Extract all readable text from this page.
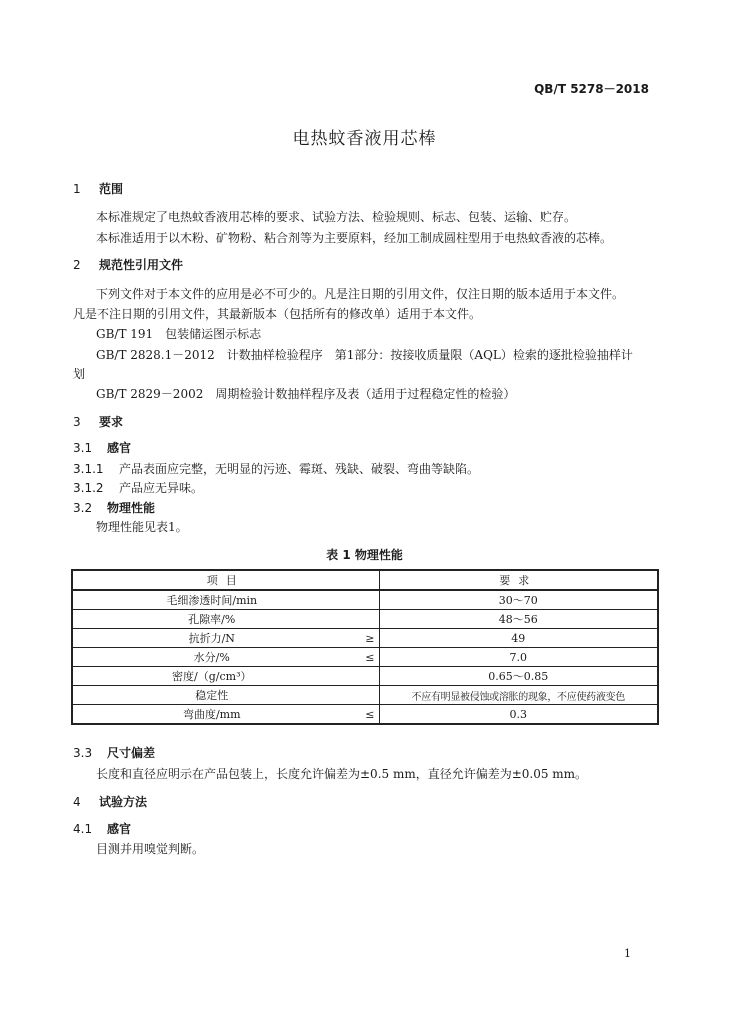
QB/T 5278－2018
电热蚊香液用芯棒
1 范围
本标准规定了电热蚊香液用芯棒的要求、试验方法、检验规则、标志、包装、运输、贮存。
本标准适用于以木粉、矿物粉、粘合剂等为主要原料，经加工制成圆柱型用于电热蚊香液的芯棒。
2 规范性引用文件
下列文件对于本文件的应用是必不可少的。凡是注日期的引用文件，仅注日期的版本适用于本文件。
凡是不注日期的引用文件，其最新版本（包括所有的修改单）适用于本文件。
GB/T 191　包装储运图示标志
GB/T 2828.1－2012　计数抽样检验程序　第1部分：按接收质量限（AQL）检索的逐批检验抽样计
划
GB/T 2829－2002　周期检验计数抽样程序及表（适用于过程稳定性的检验）
3 要求
3.1 感官
3.1.1 产品表面应完整，无明显的污迹、霉斑、残缺、破裂、弯曲等缺陷。
3.1.2 产品应无异味。
3.2 物理性能
物理性能见表1。
表 1 物理性能
项目		要求
毛细渗透时间/min		30～70
孔隙率/%		48～56
抗折力/N	≥	49
水分/%	≤	7.0
密度/（g/cm³）		0.65～0.85
稳定性		不应有明显被侵蚀或溶胀的现象，不应使药液变色
弯曲度/mm	≤	0.3
3.3 尺寸偏差
长度和直径应明示在产品包装上，长度允许偏差为±0.5 mm，直径允许偏差为±0.05 mm。
4 试验方法
4.1 感官
目测并用嗅觉判断。
1
